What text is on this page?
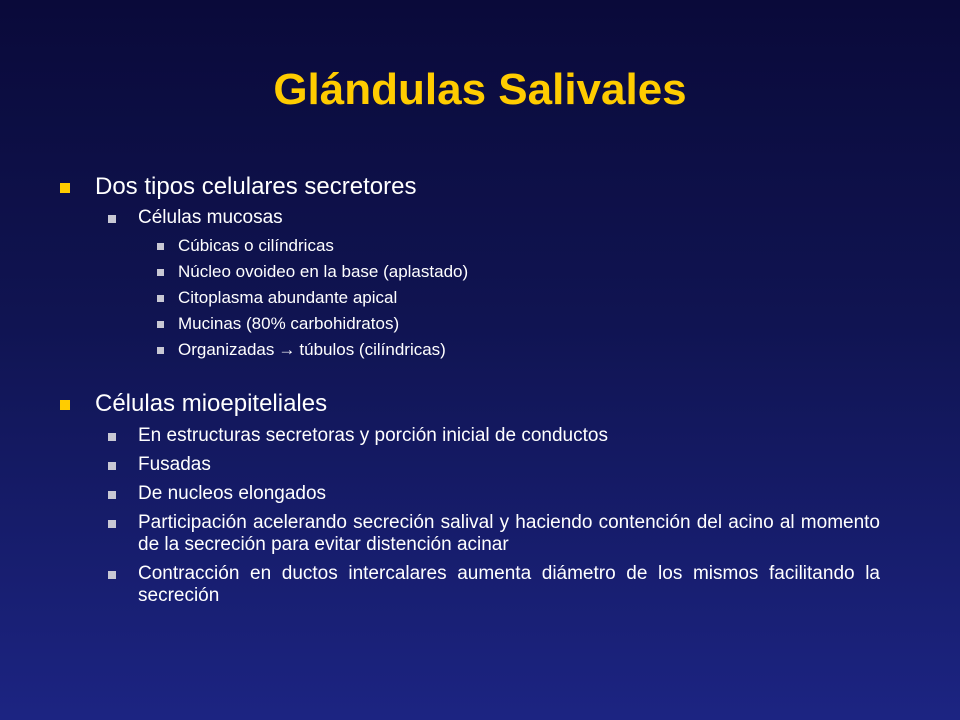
Glándulas Salivales
Dos tipos celulares secretores
Células mucosas
Cúbicas o cilíndricas
Núcleo ovoideo en la base (aplastado)
Citoplasma abundante apical
Mucinas (80% carbohidratos)
Organizadas → túbulos (cilíndricas)
Células mioepiteliales
En estructuras secretoras y porción inicial de conductos
Fusadas
De nucleos elongados
Participación acelerando secreción salival y haciendo contención del acino al momento de la secreción para evitar distención acinar
Contracción en ductos intercalares aumenta diámetro de los mismos facilitando la secreción
